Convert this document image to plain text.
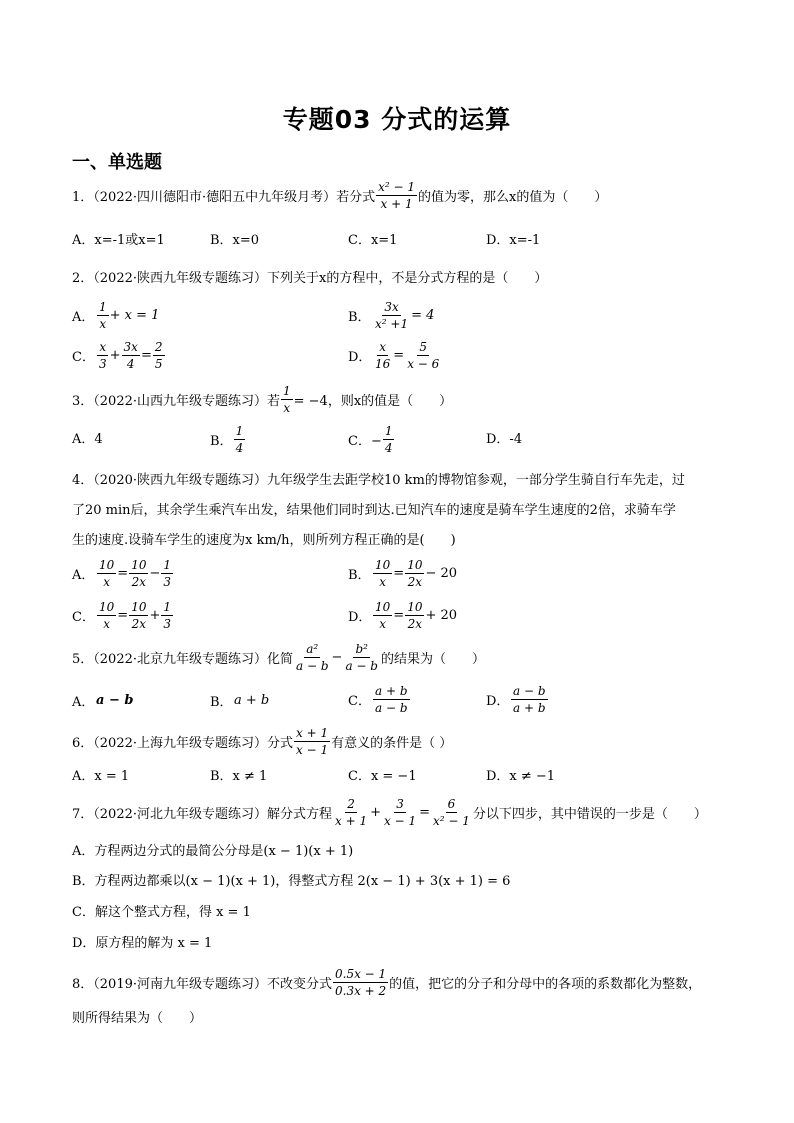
专题03 分式的运算
一、单选题
1．（2022·四川德阳市·德阳五中九年级月考）若分式 $\frac{\text{x² − 1}}{x + 1}$ 的值为零，那么x的值为（　　）
A．x=-1或x=1	B．x=0	C．x=1	D．x=-1
2．（2022·陕西九年级专题练习）下列关于x的方程中，不是分式方程的是（　　）
A． $\frac{1}{x} + x = 1$	B． $\frac{3x}{\text{x² +1}} = 4$
C． $\frac{x}{3} + \frac{3x}{4} = \frac{2}{5}$	D． $\frac{x}{16} = \frac{5}{x - 6}$
3．（2022·山西九年级专题练习）若 $\frac{1}{x} = -4$，则x的值是（　　）
A．4	B． $\frac{1}{4}$	C．− $\frac{1}{4}$	D．-4
4．（2020·陕西九年级专题练习）九年级学生去距学校10 km的博物馆参观，一部分学生骑自行车先走，过
了20 min后，其余学生乘汽车出发，结果他们同时到达.已知汽车的速度是骑车学生速度的2倍，求骑车学
生的速度.设骑车学生的速度为x km/h，则所列方程正确的是(　　)
A． $\frac{10}{x} = \frac{10}{2x} - \frac{1}{3}$	B． $\frac{10}{x} = \frac{10}{2x} - 20$
C． $\frac{10}{x} = \frac{10}{2x} + \frac{1}{3}$	D． $\frac{10}{x} = \frac{10}{2x} + 20$
5．（2022·北京九年级专题练习）化简 $\frac{\text{a²}}{a - b} - \frac{\text{b²}}{a - b}$ 的结果为（　　）
A． a − b	B． a + b	C． $\frac{a + b}{a - b}$	D． $\frac{a - b}{a + b}$
6．（2022·上海九年级专题练习）分式 $\frac{x + 1}{x - 1}$ 有意义的条件是（ ）
A．x = 1	B．x ≠ 1	C．x = −1	D．x ≠ −1
7．（2022·河北九年级专题练习）解分式方程 $\frac{2}{x + 1} + \frac{3}{x - 1} = \frac{6}{\text{x² − 1}}$ 分以下四步，其中错误的一步是（　　）
A．方程两边分式的最简公分母是(x − 1)(x + 1)
B．方程两边都乘以(x − 1)(x + 1)，得整式方程 2(x − 1) + 3(x + 1) = 6
C．解这个整式方程，得 x = 1
D．原方程的解为 x = 1
8．（2019·河南九年级专题练习）不改变分式 $\frac{0.5x - 1}{0.3x + 2}$ 的值，把它的分子和分母中的各项的系数都化为整数，
则所得结果为（　　）
